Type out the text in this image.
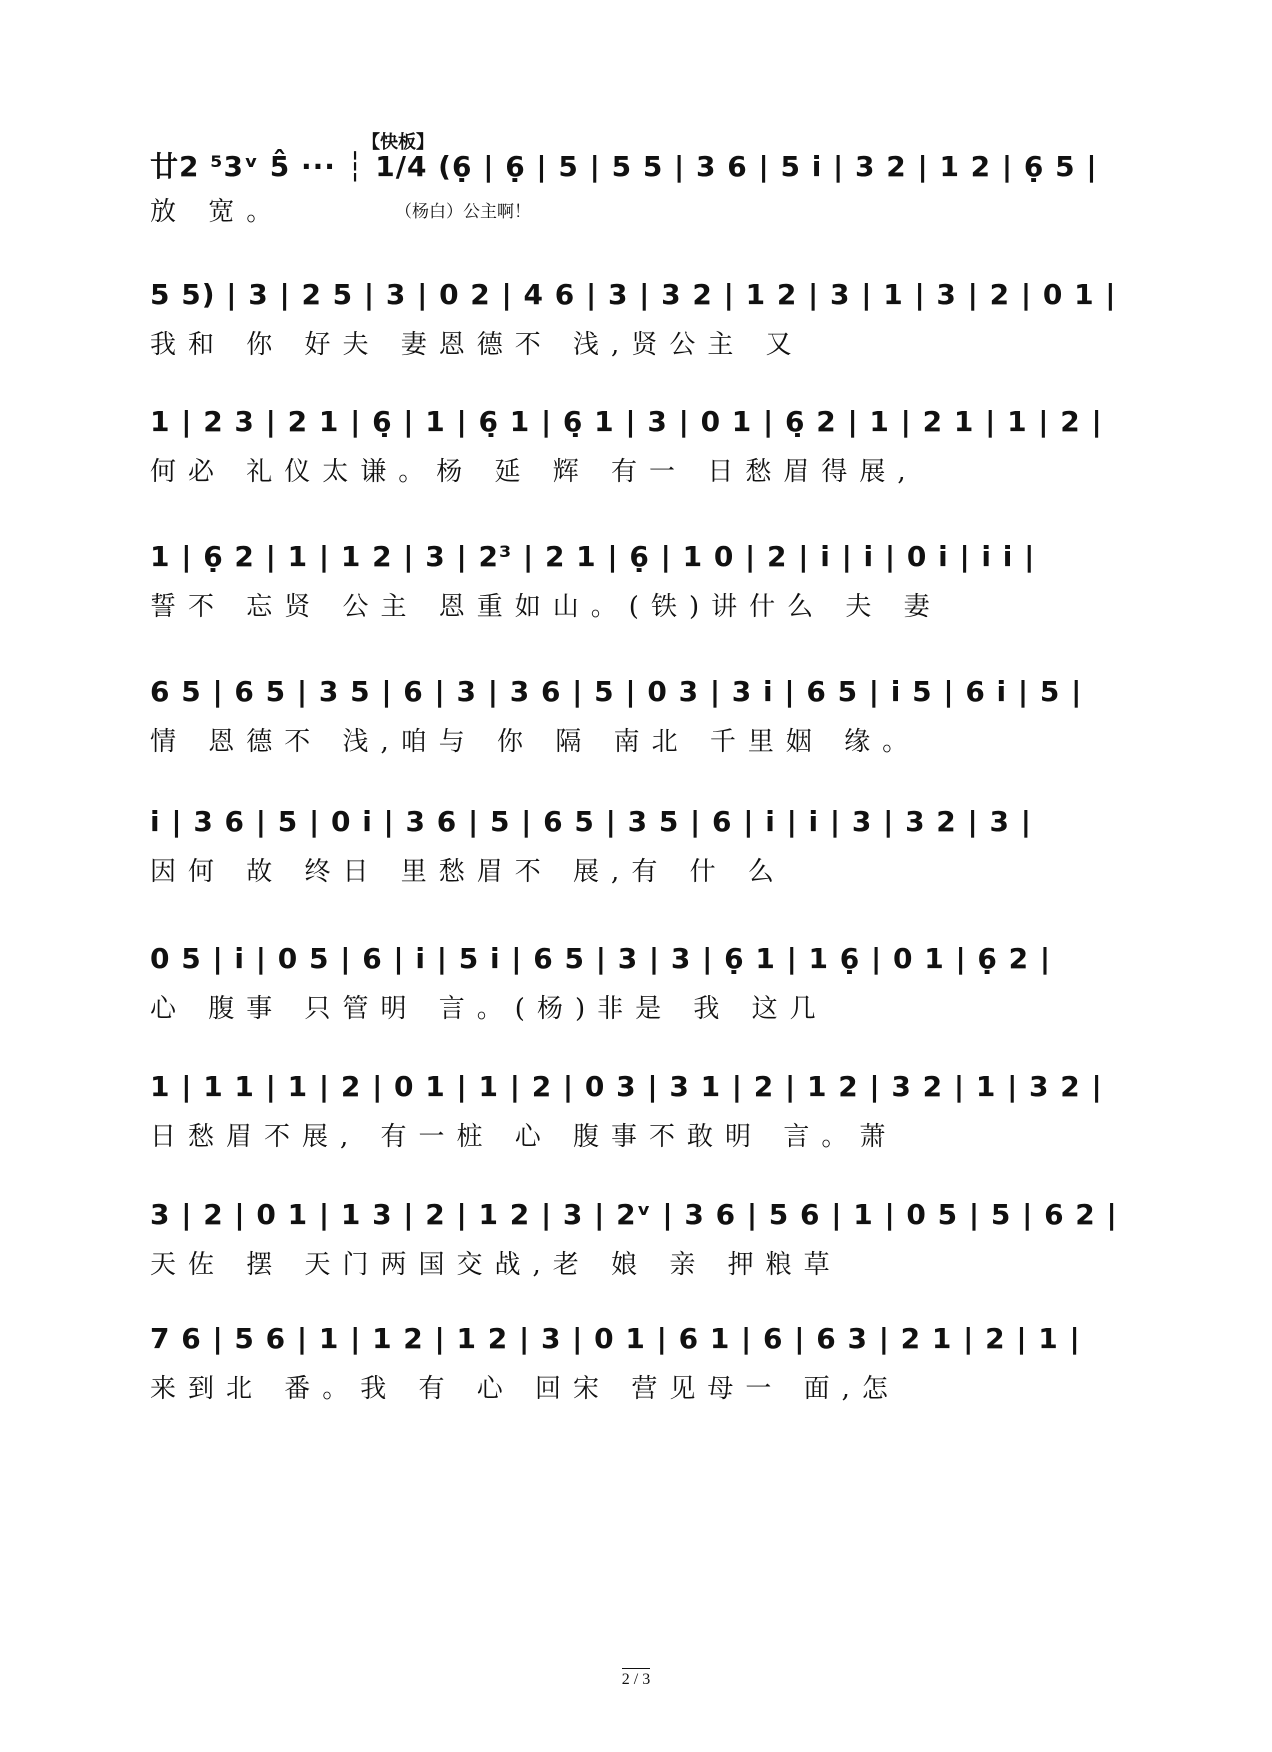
【快板】
廿2 ⁵3ᵛ 5̂ ··· ┆ 1/4 (6̣ | 6̣ | 5 | 5 5 | 3 6 | 5 i | 3 2 | 1 2 | 6̣ 5 |
放 宽。	（杨白）公主啊！
5 5) | 3 | 2 5 | 3 | 0 2 | 4 6 | 3 | 3 2 | 1 2 | 3 | 1 | 3 | 2 | 0 1 |
我和 你 好夫 妻恩德不 浅,贤公主 又
1 | 2 3 | 2 1 | 6̣ | 1 | 6̣ 1 | 6̣ 1 | 3 | 0 1 | 6̣ 2 | 1 | 2 1 | 1 | 2 |
何必 礼仪太谦。杨 延 辉 有一 日愁眉得展,
1 | 6̣ 2 | 1 | 1 2 | 3 | 2³ | 2 1 | 6̣ | 1 0 | 2 | i | i | 0 i | i i |
誓不 忘贤 公主 恩重如山。(铁)讲什么 夫 妻
6 5 | 6 5 | 3 5 | 6 | 3 | 3 6 | 5 | 0 3 | 3 i | 6 5 | i 5 | 6 i | 5 |
情 恩德不 浅,咱与 你 隔 南北 千里姻 缘。
i | 3 6 | 5 | 0 i | 3 6 | 5 | 6 5 | 3 5 | 6 | i | i | 3 | 3 2 | 3 |
因何 故 终日 里愁眉不 展,有 什 么
0 5 | i | 0 5 | 6 | i | 5 i | 6 5 | 3 | 3 | 6̣ 1 | 1 6̣ | 0 1 | 6̣ 2 |
心 腹事 只管明 言。(杨)非是 我 这几
1 | 1 1 | 1 | 2 | 0 1 | 1 | 2 | 0 3 | 3 1 | 2 | 1 2 | 3 2 | 1 | 3 2 |
日愁眉不展, 有一桩 心 腹事不敢明 言。萧
3 | 2 | 0 1 | 1 3 | 2 | 1 2 | 3 | 2ᵛ | 3 6 | 5 6 | 1 | 0 5 | 5 | 6 2 |
天佐 摆 天门两国交战,老 娘 亲 押粮草
7 6 | 5 6 | 1 | 1 2 | 1 2 | 3 | 0 1 | 6 1 | 6 | 6 3 | 2 1 | 2 | 1 |
来到北 番。我 有 心 回宋 营见母一 面,怎
2 / 3
